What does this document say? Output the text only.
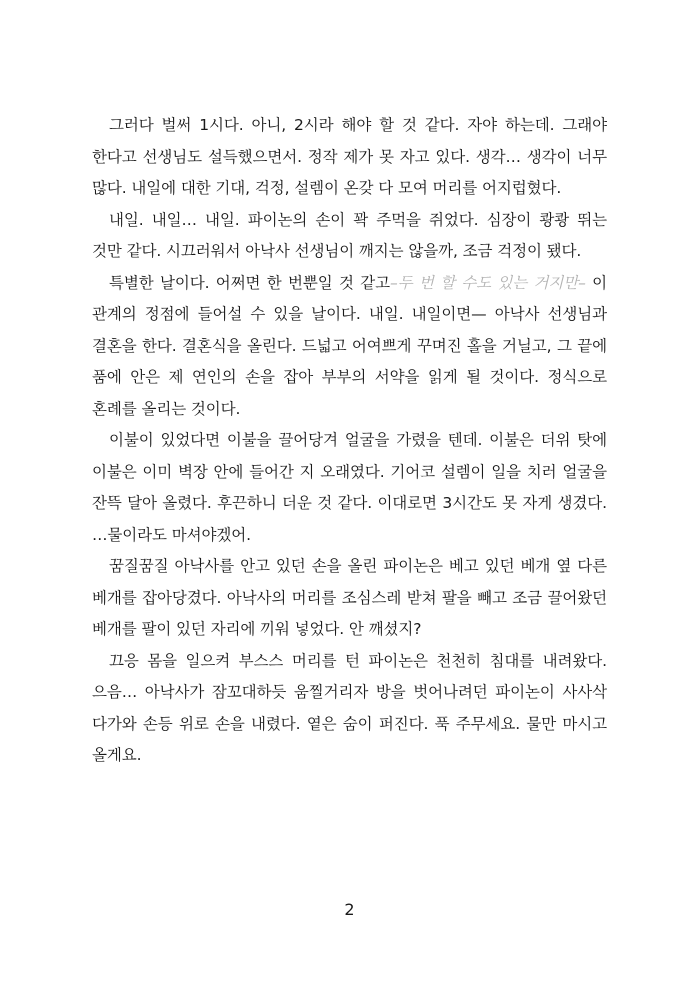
그러다 벌써 1시다. 아니, 2시라 해야 할 것 같다. 자야 하는데. 그래야 한다고 선생님도 설득했으면서. 정작 제가 못 자고 있다. 생각… 생각이 너무 많다. 내일에 대한 기대, 걱정, 설렘이 온갖 다 모여 머리를 어지럽혔다.

내일. 내일… 내일. 파이논의 손이 꽉 주먹을 쥐었다. 심장이 쾅쾅 뛰는 것만 같다. 시끄러워서 아낙사 선생님이 깨지는 않을까, 조금 걱정이 됐다.

특별한 날이다. 어쩌면 한 번뿐일 것 같고–두 번 할 수도 있는 거지만– 이 관계의 정점에 들어설 수 있을 날이다. 내일. 내일이면— 아낙사 선생님과 결혼을 한다. 결혼식을 올린다. 드넓고 어여쁘게 꾸며진 홀을 거닐고, 그 끝에 품에 안은 제 연인의 손을 잡아 부부의 서약을 읽게 될 것이다. 정식으로 혼례를 올리는 것이다.

이불이 있었다면 이불을 끌어당겨 얼굴을 가렸을 텐데. 이불은 더위 탓에 이불은 이미 벽장 안에 들어간 지 오래였다. 기어코 설렘이 일을 치러 얼굴을 잔뜩 달아 올렸다. 후끈하니 더운 것 같다. 이대로면 3시간도 못 자게 생겼다. …물이라도 마셔야겠어.

꿈질꿈질 아낙사를 안고 있던 손을 올린 파이논은 베고 있던 베개 옆 다른 베개를 잡아당겼다. 아낙사의 머리를 조심스레 받쳐 팔을 빼고 조금 끌어왔던 베개를 팔이 있던 자리에 끼워 넣었다. 안 깨셨지?

끄응 몸을 일으켜 부스스 머리를 턴 파이논은 천천히 침대를 내려왔다. 으음… 아낙사가 잠꼬대하듯 움찔거리자 방을 벗어나려던 파이논이 사사삭 다가와 손등 위로 손을 내렸다. 옅은 숨이 퍼진다. 푹 주무세요. 물만 마시고 올게요.

2
